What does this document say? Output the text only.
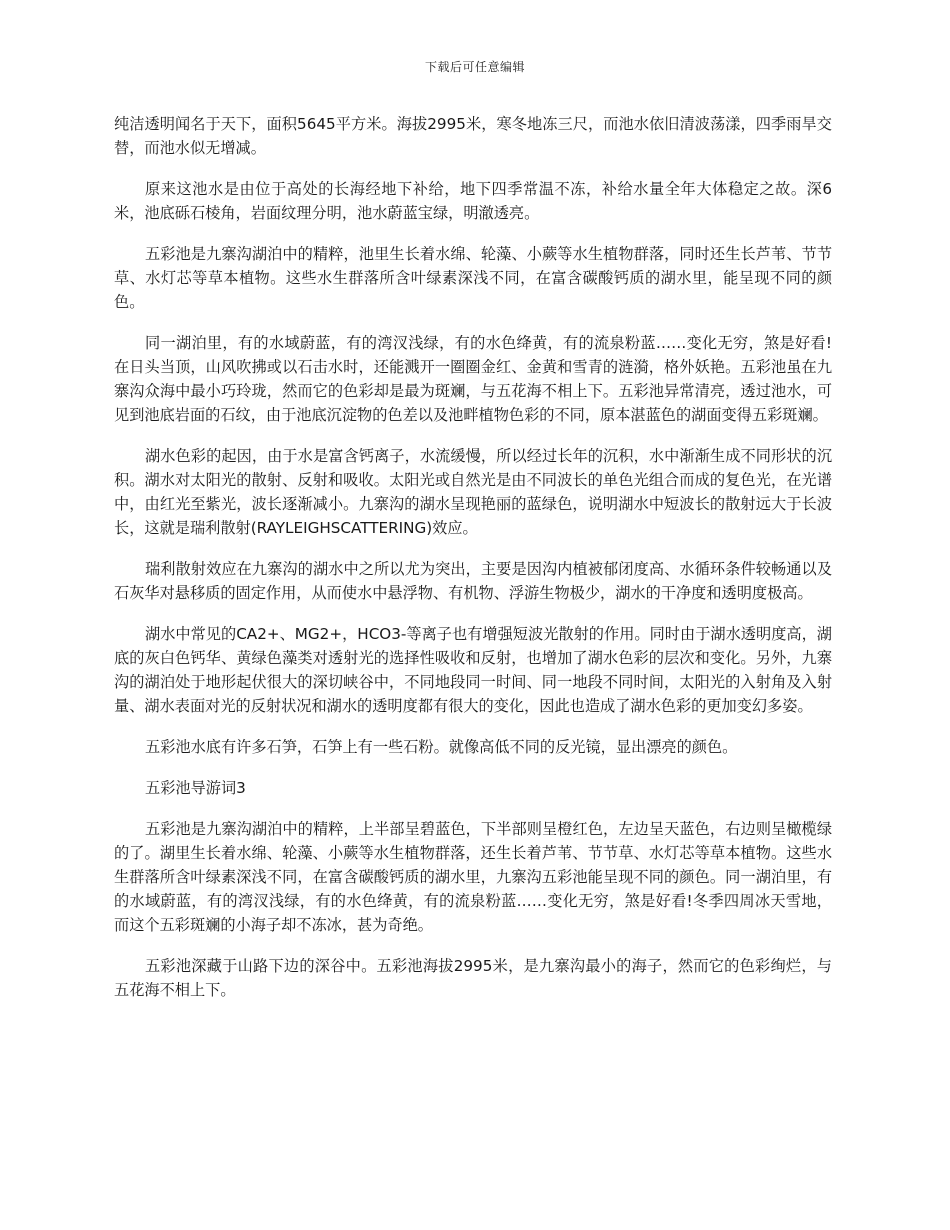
下载后可任意编辑

纯洁透明闻名于天下，面积5645平方米。海拔2995米，寒冬地冻三尺，而池水依旧清波荡漾，四季雨旱交替，而池水似无增减。

原来这池水是由位于高处的长海经地下补给，地下四季常温不冻，补给水量全年大体稳定之故。深6米，池底砾石棱角，岩面纹理分明，池水蔚蓝宝绿，明澈透亮。

五彩池是九寨沟湖泊中的精粹，池里生长着水绵、轮藻、小蕨等水生植物群落，同时还生长芦苇、节节草、水灯芯等草本植物。这些水生群落所含叶绿素深浅不同，在富含碳酸钙质的湖水里，能呈现不同的颜色。

同一湖泊里，有的水域蔚蓝，有的湾汊浅绿，有的水色绛黄，有的流泉粉蓝……变化无穷，煞是好看!在日头当顶，山风吹拂或以石击水时，还能溅开一圈圈金红、金黄和雪青的涟漪，格外妖艳。五彩池虽在九寨沟众海中最小巧玲珑，然而它的色彩却是最为斑斓，与五花海不相上下。五彩池异常清亮，透过池水，可见到池底岩面的石纹，由于池底沉淀物的色差以及池畔植物色彩的不同，原本湛蓝色的湖面变得五彩斑斓。

湖水色彩的起因，由于水是富含钙离子，水流缓慢，所以经过长年的沉积，水中渐渐生成不同形状的沉积。湖水对太阳光的散射、反射和吸收。太阳光或自然光是由不同波长的单色光组合而成的复色光，在光谱中，由红光至紫光，波长逐渐减小。九寨沟的湖水呈现艳丽的蓝绿色，说明湖水中短波长的散射远大于长波长，这就是瑞利散射(RAYLEIGHSCATTERING)效应。

瑞利散射效应在九寨沟的湖水中之所以尤为突出，主要是因沟内植被郁闭度高、水循环条件较畅通以及石灰华对悬移质的固定作用，从而使水中悬浮物、有机物、浮游生物极少，湖水的干净度和透明度极高。

湖水中常见的CA2+、MG2+，HCO3-等离子也有增强短波光散射的作用。同时由于湖水透明度高，湖底的灰白色钙华、黄绿色藻类对透射光的选择性吸收和反射，也增加了湖水色彩的层次和变化。另外，九寨沟的湖泊处于地形起伏很大的深切峡谷中，不同地段同一时间、同一地段不同时间，太阳光的入射角及入射量、湖水表面对光的反射状况和湖水的透明度都有很大的变化，因此也造成了湖水色彩的更加变幻多姿。

五彩池水底有许多石笋，石笋上有一些石粉。就像高低不同的反光镜，显出漂亮的颜色。

五彩池导游词3

五彩池是九寨沟湖泊中的精粹，上半部呈碧蓝色，下半部则呈橙红色，左边呈天蓝色，右边则呈橄榄绿的了。湖里生长着水绵、轮藻、小蕨等水生植物群落，还生长着芦苇、节节草、水灯芯等草本植物。这些水生群落所含叶绿素深浅不同，在富含碳酸钙质的湖水里，九寨沟五彩池能呈现不同的颜色。同一湖泊里，有的水域蔚蓝，有的湾汊浅绿，有的水色绛黄，有的流泉粉蓝……变化无穷，煞是好看!冬季四周冰天雪地，而这个五彩斑斓的小海子却不冻冰，甚为奇绝。

五彩池深藏于山路下边的深谷中。五彩池海拔2995米，是九寨沟最小的海子，然而它的色彩绚烂，与五花海不相上下。
